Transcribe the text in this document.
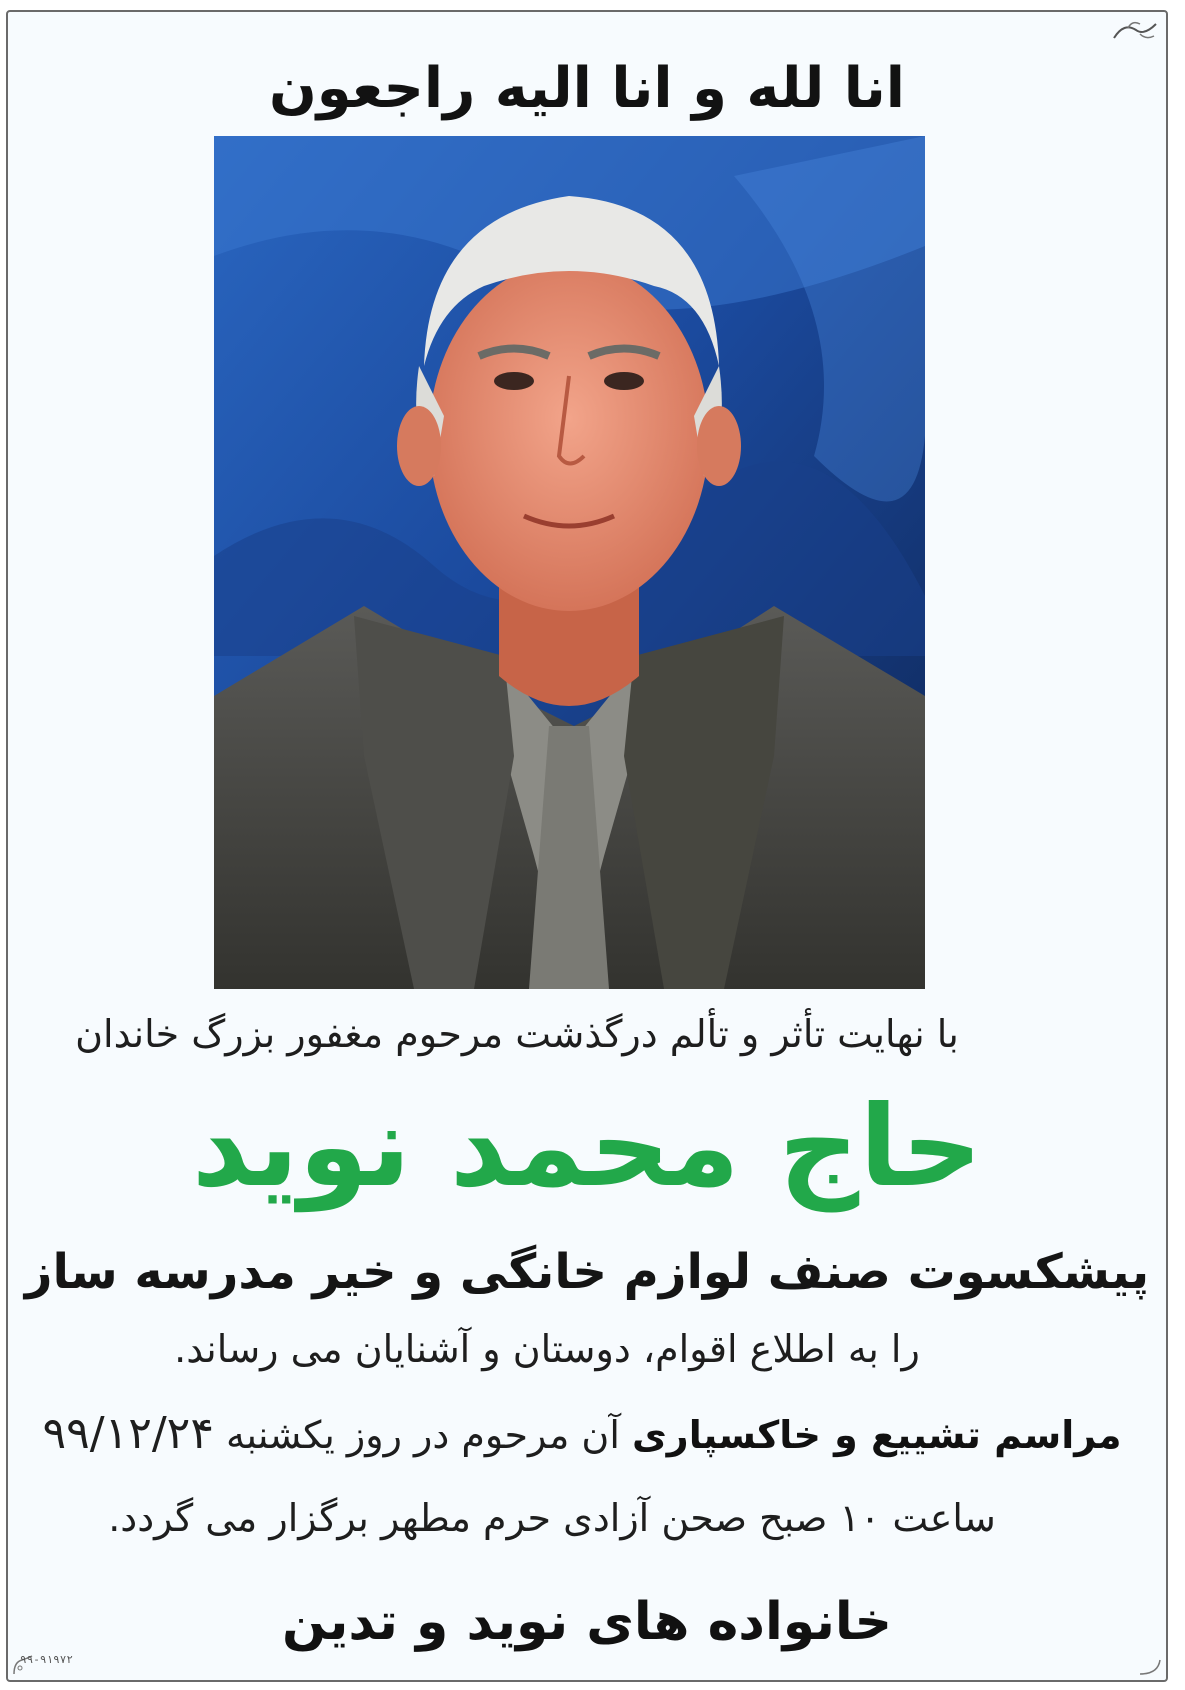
انا لله و انا الیه راجعون
با نهایت تأثر و تألم درگذشت مرحوم مغفور بزرگ خاندان
حاج محمد نوید
پیشکسوت صنف لوازم خانگی و خیر مدرسه ساز
را به اطلاع اقوام، دوستان و آشنایان می رساند.
مراسم تشییع و خاکسپاری آن مرحوم در روز یکشنبه ۹۹/۱۲/۲۴
ساعت ۱۰ صبح صحن آزادی حرم مطهر برگزار می گردد.
خانواده های نوید و تدین
۹۹-۹۱۹۷۲
